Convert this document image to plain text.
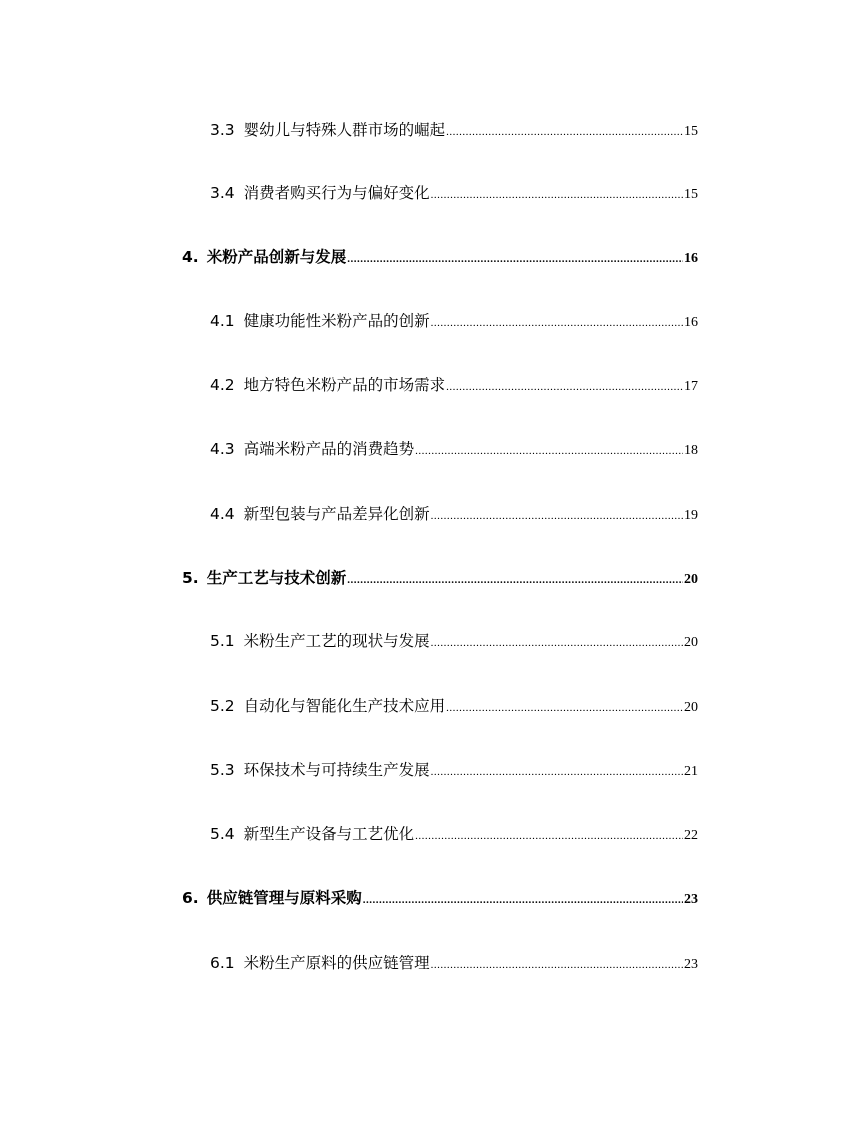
3.3 婴幼儿与特殊人群市场的崛起 .....	15
3.4 消费者购买行为与偏好变化 .....	15
4. 米粉产品创新与发展 .....	16
4.1 健康功能性米粉产品的创新 .....	16
4.2 地方特色米粉产品的市场需求 .....	17
4.3 高端米粉产品的消费趋势 .....	18
4.4 新型包装与产品差异化创新 .....	19
5. 生产工艺与技术创新 .....	20
5.1 米粉生产工艺的现状与发展 .....	20
5.2 自动化与智能化生产技术应用 .....	20
5.3 环保技术与可持续生产发展 .....	21
5.4 新型生产设备与工艺优化 .....	22
6. 供应链管理与原料采购 .....	23
6.1 米粉生产原料的供应链管理 .....	23
